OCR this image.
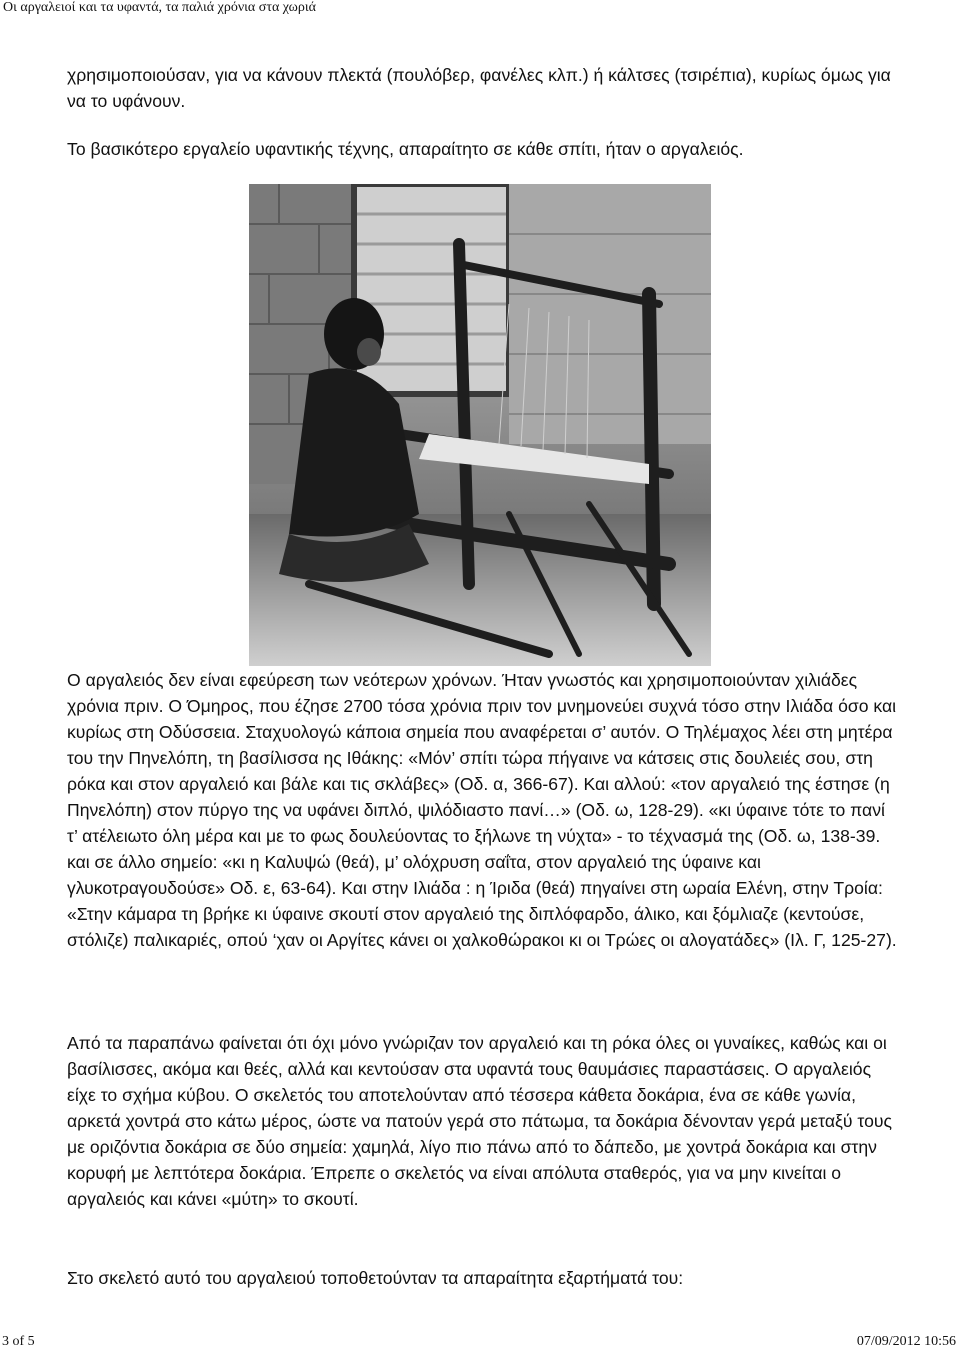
Οι αργαλειοί και τα υφαντά, τα παλιά χρόνια στα χωριά

χρησιμοποιούσαν, για να κάνουν πλεκτά (πουλόβερ, φανέλες κλπ.) ή κάλτσες (τσιρέπια), κυρίως όμως για να το υφάνουν.

Το βασικότερο εργαλείο υφαντικής τέχνης, απαραίτητο σε κάθε σπίτι, ήταν ο αργαλειός.

Ο αργαλειός δεν είναι εφεύρεση των νεότερων χρόνων. Ήταν γνωστός και χρησιμοποιούνταν χιλιάδες χρόνια πριν. Ο Όμηρος, που έζησε 2700 τόσα χρόνια πριν τον μνημονεύει συχνά τόσο στην Ιλιάδα όσο και κυρίως στη Οδύσσεια. Σταχυολογώ κάποια σημεία που αναφέρεται σ’ αυτόν. Ο Τηλέμαχος λέει στη μητέρα του την Πηνελόπη, τη βασίλισσα ης Ιθάκης: «Μόν’ σπίτι τώρα πήγαινε να κάτσεις στις δουλειές σου, στη ρόκα και στον αργαλειό και βάλε και τις σκλάβες» (Οδ. α, 366-67). Και αλλού: «τον αργαλειό της έστησε (η Πηνελόπη) στον πύργο της να υφάνει διπλό, ψιλόδιαστο πανί…» (Οδ. ω, 128-29). «κι ύφαινε τότε το πανί τ’ ατέλειωτο όλη μέρα και με το φως δουλεύοντας το ξήλωνε τη νύχτα» - το τέχνασμά της (Οδ. ω, 138-39. και σε άλλο σημείο: «κι η Καλυψώ (θεά), μ’ ολόχρυση σαΐτα, στον αργαλειό της ύφαινε και γλυκοτραγουδούσε» Οδ. ε, 63-64). Και στην Ιλιάδα : η Ίριδα (θεά) πηγαίνει στη ωραία Ελένη, στην Τροία: «Στην κάμαρα τη βρήκε κι ύφαινε σκουτί στον αργαλειό της διπλόφαρδο, άλικο, και ξόμλιαζε (κεντούσε, στόλιζε) παλικαριές, οπού ‘χαν οι Αργίτες κάνει οι χαλκοθώρακοι κι οι Τρώες οι αλογατάδες» (Ιλ. Γ, 125-27).

Από τα παραπάνω φαίνεται ότι όχι μόνο γνώριζαν τον αργαλειό και τη ρόκα όλες οι γυναίκες, καθώς και οι βασίλισσες, ακόμα και θεές, αλλά και κεντούσαν στα υφαντά τους θαυμάσιες παραστάσεις. Ο αργαλειός είχε το σχήμα κύβου. Ο σκελετός του αποτελούνταν από τέσσερα κάθετα δοκάρια, ένα σε κάθε γωνία, αρκετά χοντρά στο κάτω μέρος, ώστε να πατούν γερά στο πάτωμα, τα δοκάρια δένονταν γερά μεταξύ τους με οριζόντια δοκάρια σε δύο σημεία: χαμηλά, λίγο πιο πάνω από το δάπεδο, με χοντρά δοκάρια και στην κορυφή με λεπτότερα δοκάρια. Έπρεπε ο σκελετός να είναι απόλυτα σταθερός, για να μην κινείται ο αργαλειός και κάνει «μύτη» το σκουτί.

Στο σκελετό αυτό του αργαλειού τοποθετούνταν τα απαραίτητα εξαρτήματά του:

3 of 5	07/09/2012 10:56
